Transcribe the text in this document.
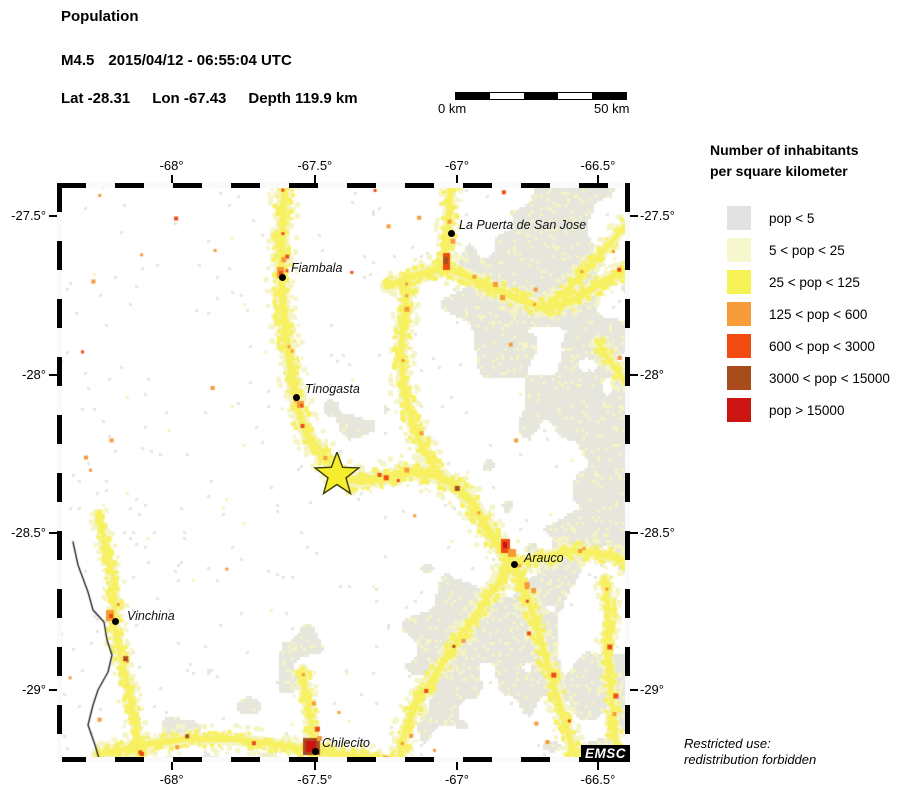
Population
M4.5 2015/04/12 - 06:55:04 UTC
Lat -28.31 Lon -67.43 Depth 119.9 km
0 km	50 km
Number of inhabitants
per square kilometer
pop < 5
5 < pop < 25
25 < pop < 125
125 < pop < 600
600 < pop < 3000
3000 < pop < 15000
pop > 15000
EMSC
La Puerta de San Jose
Fiambala
Tinogasta
Arauco
Vinchina
Chilecito	Restricted use:
redistribution forbidden
-68°
-68°
-67.5°
-67.5°
-67°
-67°
-66.5°
-66.5°
-27.5°	-27.5°
-28°	-28°
-28.5°	-28.5°
-29°	-29°
